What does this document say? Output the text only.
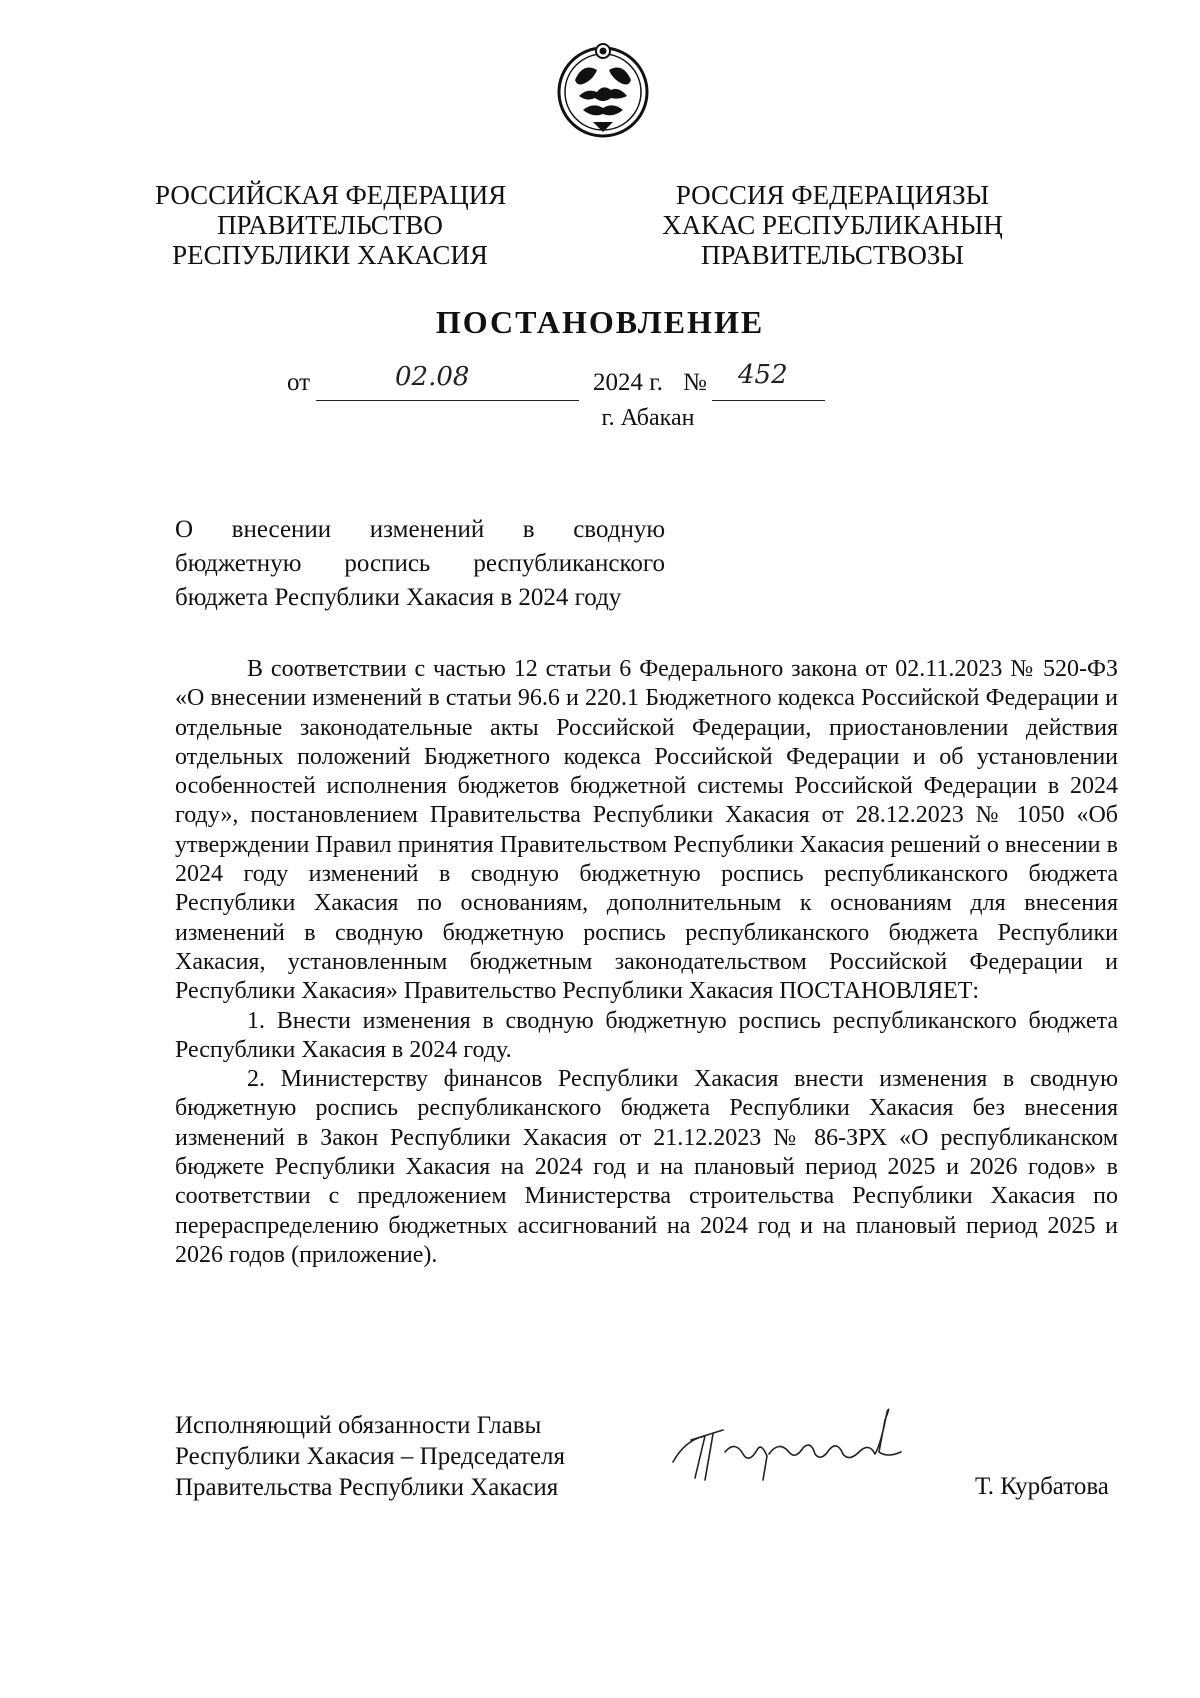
РОССИЙСКАЯ ФЕДЕРАЦИЯ
ПРАВИТЕЛЬСТВО
РЕСПУБЛИКИ ХАКАСИЯ
РОССИЯ ФЕДЕРАЦИЯЗЫ
ХАКАС РЕСПУБЛИКАНЫҢ
ПРАВИТЕЛЬСТВОЗЫ
ПОСТАНОВЛЕНИЕ
от	02.08	2024 г. № 452
г. Абакан
О внесении изменений в сводную бюджетную роспись республиканского бюджета Республики Хакасия в 2024 году

В соответствии с частью 12 статьи 6 Федерального закона от 02.11.2023 № 520-ФЗ «О внесении изменений в статьи 96.6 и 220.1 Бюджетного кодекса Российской Федерации и отдельные законодательные акты Российской Федерации, приостановлении действия отдельных положений Бюджетного кодекса Российской Федерации и об установлении особенностей исполнения бюджетов бюджетной системы Российской Федерации в 2024 году», постановлением Правительства Республики Хакасия от 28.12.2023 № 1050 «Об утверждении Правил принятия Правительством Республики Хакасия решений о внесении в 2024 году изменений в сводную бюджетную роспись республиканского бюджета Республики Хакасия по основаниям, дополнительным к основаниям для внесения изменений в сводную бюджетную роспись республиканского бюджета Республики Хакасия, установленным бюджетным законодательством Российской Федерации и Республики Хакасия» Правительство Республики Хакасия ПОСТАНОВЛЯЕТ:

1. Внести изменения в сводную бюджетную роспись республиканского бюджета Республики Хакасия в 2024 году.

2. Министерству финансов Республики Хакасия внести изменения в сводную бюджетную роспись республиканского бюджета Республики Хакасия без внесения изменений в Закон Республики Хакасия от 21.12.2023 № 86-ЗРХ «О республиканском бюджете Республики Хакасия на 2024 год и на плановый период 2025 и 2026 годов» в соответствии с предложением Министерства строительства Республики Хакасия по перераспределению бюджетных ассигнований на 2024 год и на плановый период 2025 и 2026 годов (приложение).

Исполняющий обязанности Главы
Республики Хакасия – Председателя
Правительства Республики Хакасия	Т. Курбатова
